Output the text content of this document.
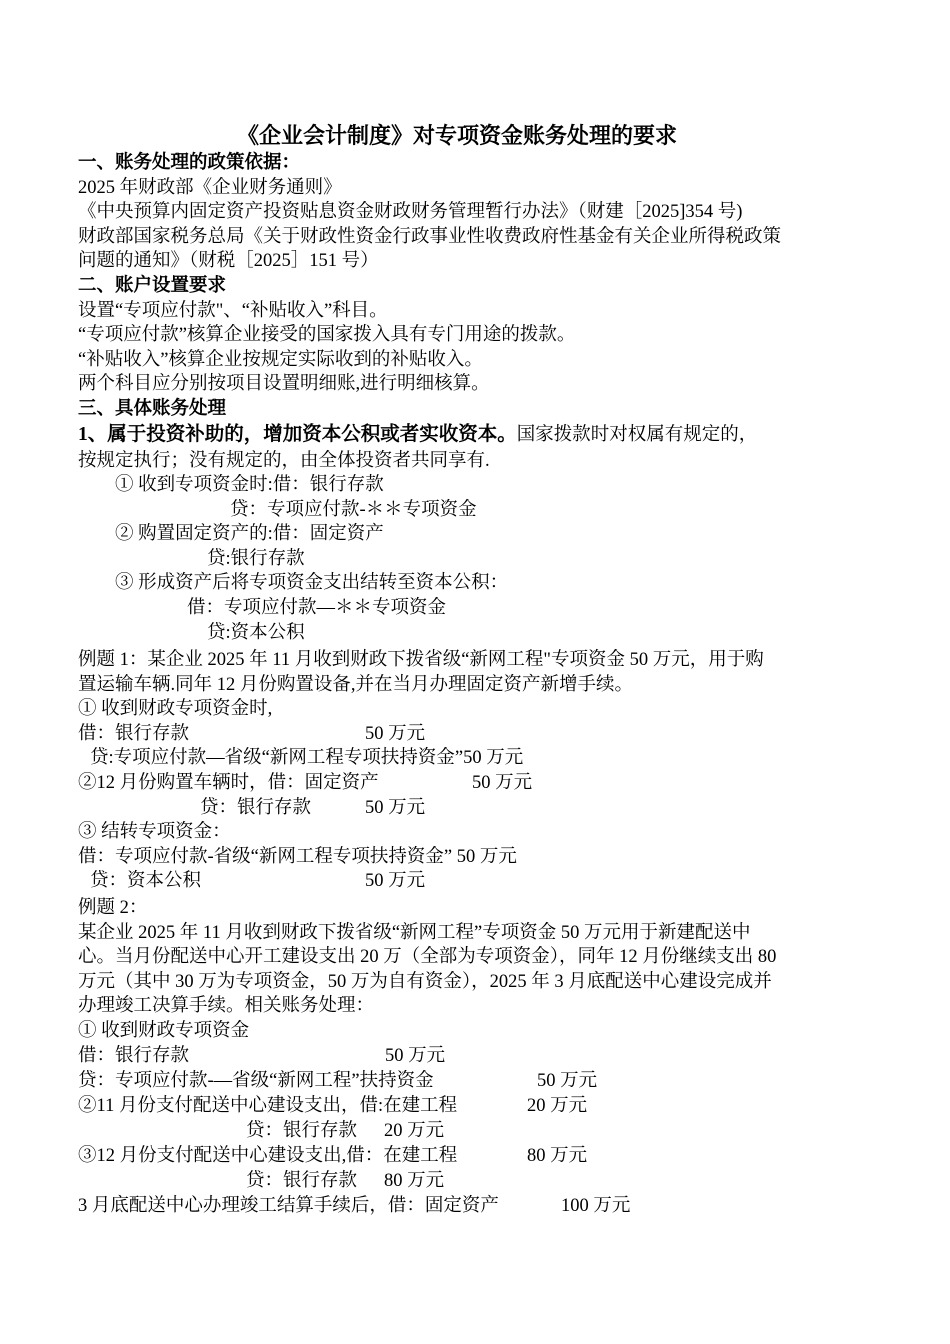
《企业会计制度》对专项资金账务处理的要求
一、账务处理的政策依据：
2025 年财政部《企业财务通则》
《中央预算内固定资产投资贴息资金财政财务管理暂行办法》（财建［2025]354 号)
财政部国家税务总局《关于财政性资金行政事业性收费政府性基金有关企业所得税政策
问题的通知》（财税［2025］151 号）
二、账户设置要求
设置“专项应付款"、“补贴收入”科目。
“专项应付款”核算企业接受的国家拨入具有专门用途的拨款。
“补贴收入”核算企业按规定实际收到的补贴收入。
两个科目应分别按项目设置明细账,进行明细核算。
三、具体账务处理
1、属于投资补助的，增加资本公积或者实收资本。国家拨款时对权属有规定的，
按规定执行；没有规定的，由全体投资者共同享有.
① 收到专项资金时:借：银行存款
贷：专项应付款-＊＊专项资金
② 购置固定资产的:借：固定资产
贷:银行存款
③ 形成资产后将专项资金支出结转至资本公积：
借：专项应付款—＊＊专项资金
贷:资本公积
例题 1：某企业 2025 年 11 月收到财政下拨省级“新网工程"专项资金 50 万元，用于购
置运输车辆.同年 12 月份购置设备,并在当月办理固定资产新增手续。
① 收到财政专项资金时,
借：银行存款	50 万元
贷:专项应付款—省级“新网工程专项扶持资金”50 万元
②12 月份购置车辆时，借：固定资产	50 万元
贷：银行存款	50 万元
③ 结转专项资金：
借：专项应付款-省级“新网工程专项扶持资金” 50 万元
贷：资本公积	50 万元
例题 2：
某企业 2025 年 11 月收到财政下拨省级“新网工程”专项资金 50 万元用于新建配送中
心。当月份配送中心开工建设支出 20 万（全部为专项资金），同年 12 月份继续支出 80
万元（其中 30 万为专项资金，50 万为自有资金），2025 年 3 月底配送中心建设完成并
办理竣工决算手续。相关账务处理：
① 收到财政专项资金
借：银行存款	50 万元
贷：专项应付款-—省级“新网工程”扶持资金	50 万元
②11 月份支付配送中心建设支出，借:在建工程	20 万元
贷：银行存款 20 万元
③12 月份支付配送中心建设支出,借：在建工程	80 万元
贷：银行存款 80 万元
3 月底配送中心办理竣工结算手续后，借：固定资产	100 万元
